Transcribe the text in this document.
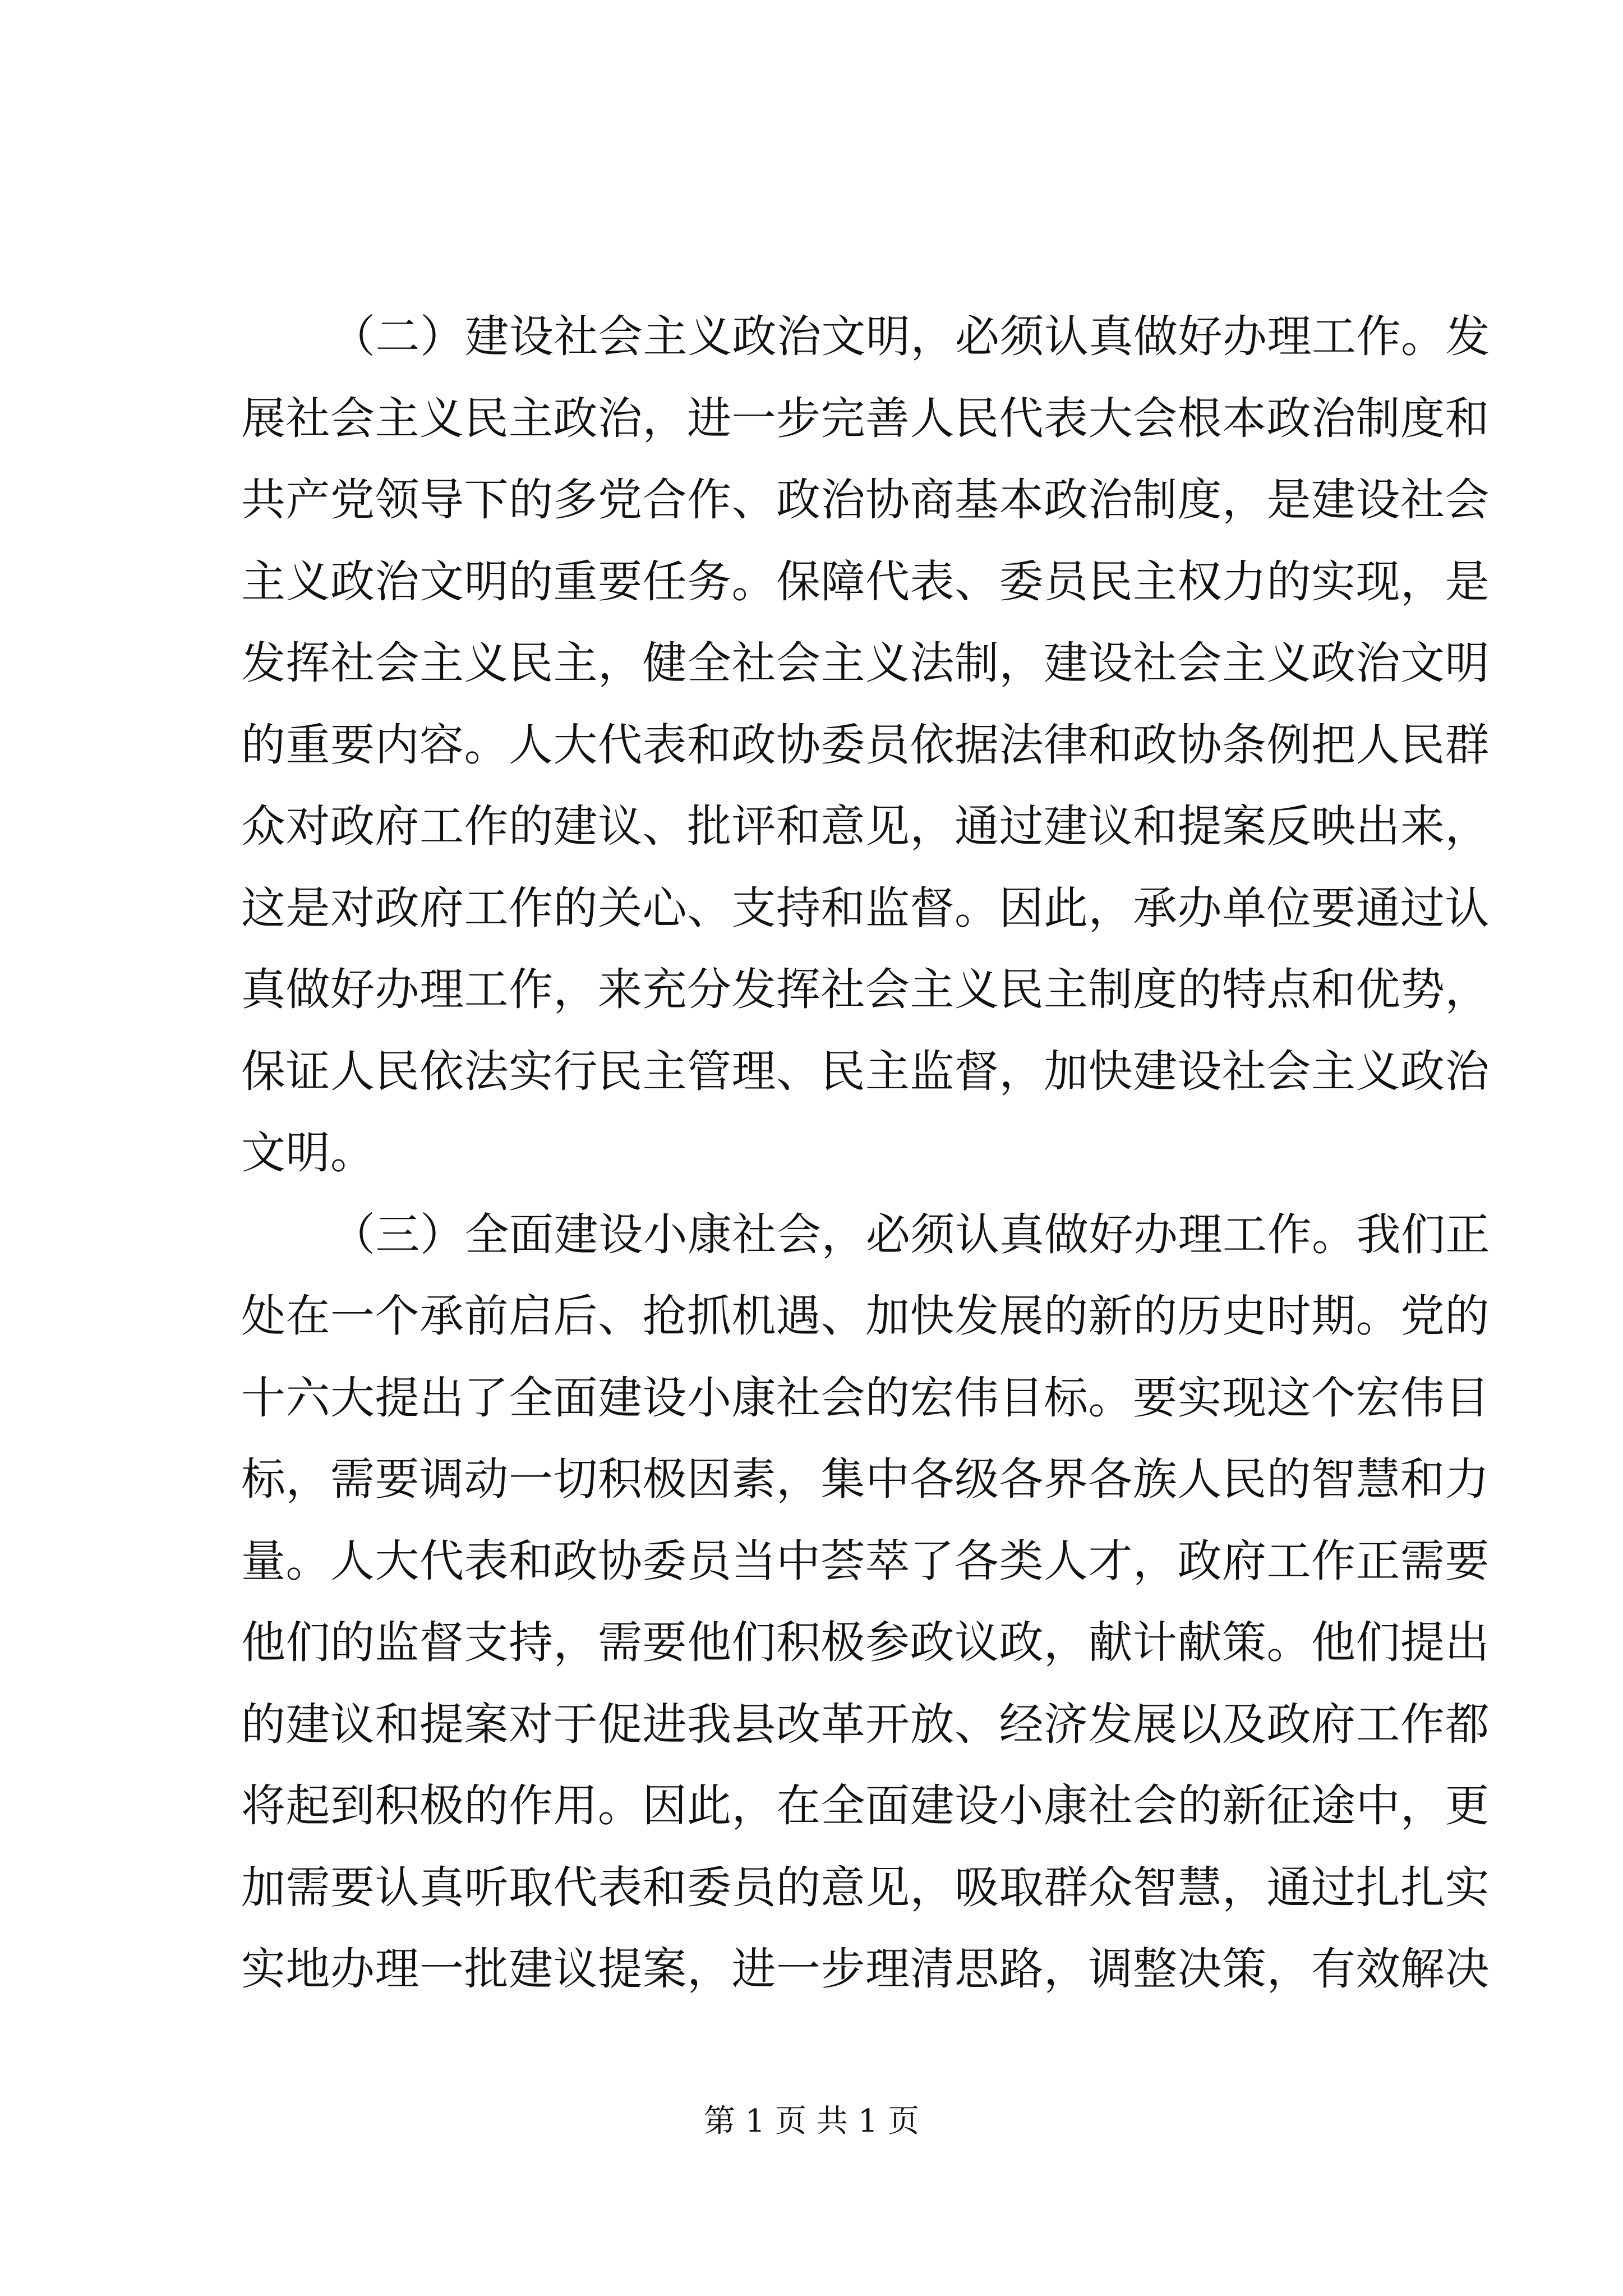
（二）建设社会主义政治文明，必须认真做好办理工作。发
展社会主义民主政治，进一步完善人民代表大会根本政治制度和
共产党领导下的多党合作、政治协商基本政治制度，是建设社会
主义政治文明的重要任务。保障代表、委员民主权力的实现，是
发挥社会主义民主，健全社会主义法制，建设社会主义政治文明
的重要内容。人大代表和政协委员依据法律和政协条例把人民群
众对政府工作的建议、批评和意见，通过建议和提案反映出来，
这是对政府工作的关心、支持和监督。因此，承办单位要通过认
真做好办理工作，来充分发挥社会主义民主制度的特点和优势，
保证人民依法实行民主管理、民主监督，加快建设社会主义政治
文明。
（三）全面建设小康社会，必须认真做好办理工作。我们正
处在一个承前启后、抢抓机遇、加快发展的新的历史时期。党的
十六大提出了全面建设小康社会的宏伟目标。要实现这个宏伟目
标，需要调动一切积极因素，集中各级各界各族人民的智慧和力
量。人大代表和政协委员当中荟萃了各类人才，政府工作正需要
他们的监督支持，需要他们积极参政议政，献计献策。他们提出
的建议和提案对于促进我县改革开放、经济发展以及政府工作都
将起到积极的作用。因此，在全面建设小康社会的新征途中，更
加需要认真听取代表和委员的意见，吸取群众智慧，通过扎扎实
实地办理一批建议提案，进一步理清思路，调整决策，有效解决
第 1 页 共 1 页
